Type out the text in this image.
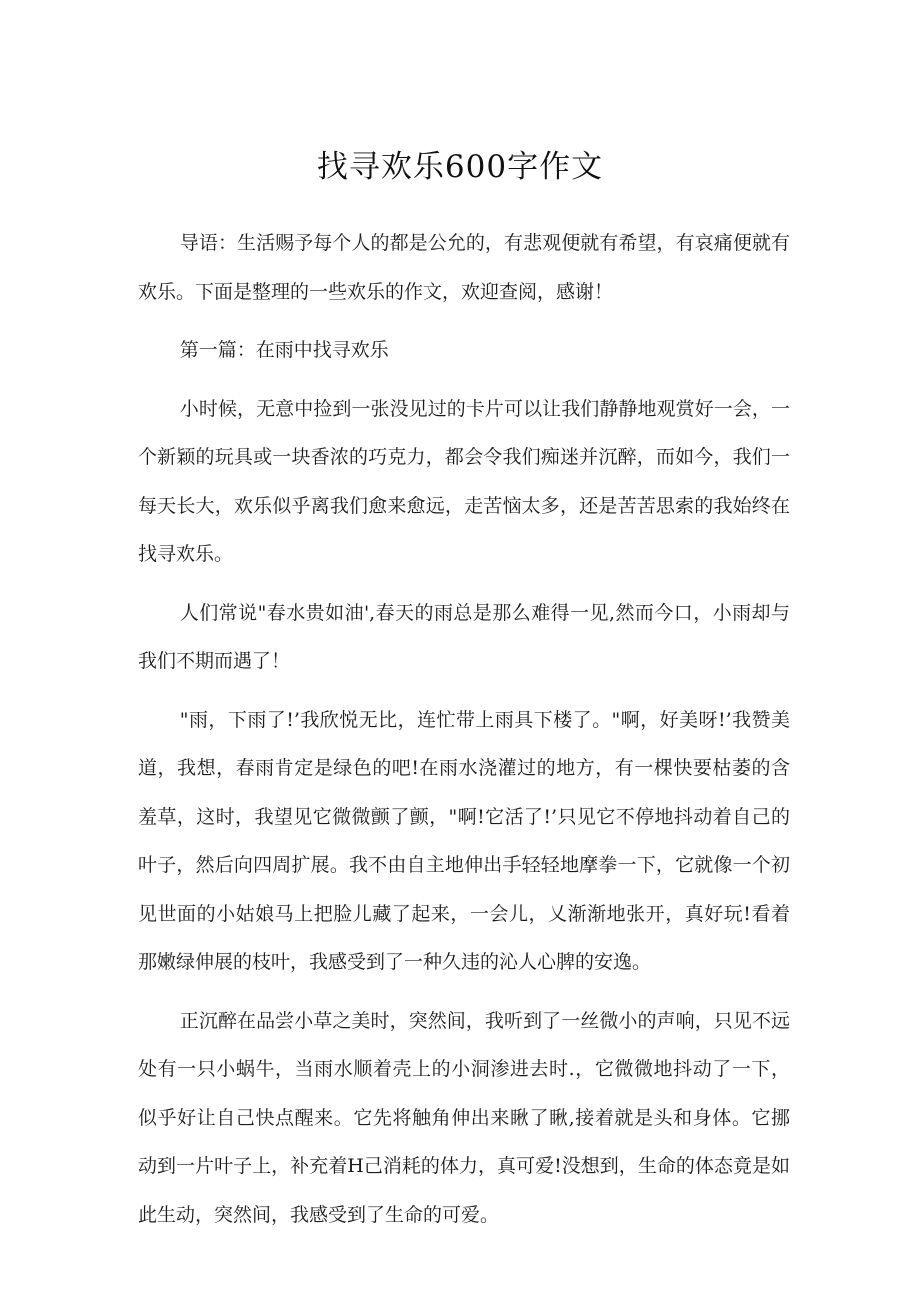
找寻欢乐600字作文

导语：生活赐予每个人的都是公允的，有悲观便就有希望，有哀痛便就有欢乐。下面是整理的一些欢乐的作文，欢迎查阅，感谢！

第一篇：在雨中找寻欢乐

小时候，无意中捡到一张没见过的卡片可以让我们静静地观赏好一会，一个新颖的玩具或一块香浓的巧克力，都会令我们痴迷并沉醉，而如今，我们一每天长大，欢乐似乎离我们愈来愈远，走苦恼太多，还是苦苦思索的我始终在找寻欢乐。

人们常说"春水贵如油',春天的雨总是那么难得一见,然而今口，小雨却与我们不期而遇了！

"雨，下雨了!’我欣悦无比，连忙带上雨具下楼了。"啊，好美呀!’我赞美道，我想，春雨肯定是绿色的吧!在雨水浇灌过的地方，有一棵快要枯萎的含羞草，这时，我望见它微微颤了颤，"啊!它活了!’只见它不停地抖动着自己的叶子，然后向四周扩展。我不由自主地伸出手轻轻地摩拳一下，它就像一个初见世面的小姑娘马上把脸儿藏了起来，一会儿，乂渐渐地张开，真好玩!看着那嫩绿伸展的枝叶，我感受到了一种久违的沁人心脾的安逸。

正沉醉在品尝小草之美时，突然间，我听到了一丝微小的声响，只见不远处有一只小蜗牛，当雨水顺着壳上的小洞渗进去时.，它微微地抖动了一下，似乎好让自己快点醒来。它先将触角伸出来瞅了瞅,接着就是头和身体。它挪动到一片叶子上，补充着H己消耗的体力，真可爱!没想到，生命的体态竟是如此生动，突然间，我感受到了生命的可爱。
